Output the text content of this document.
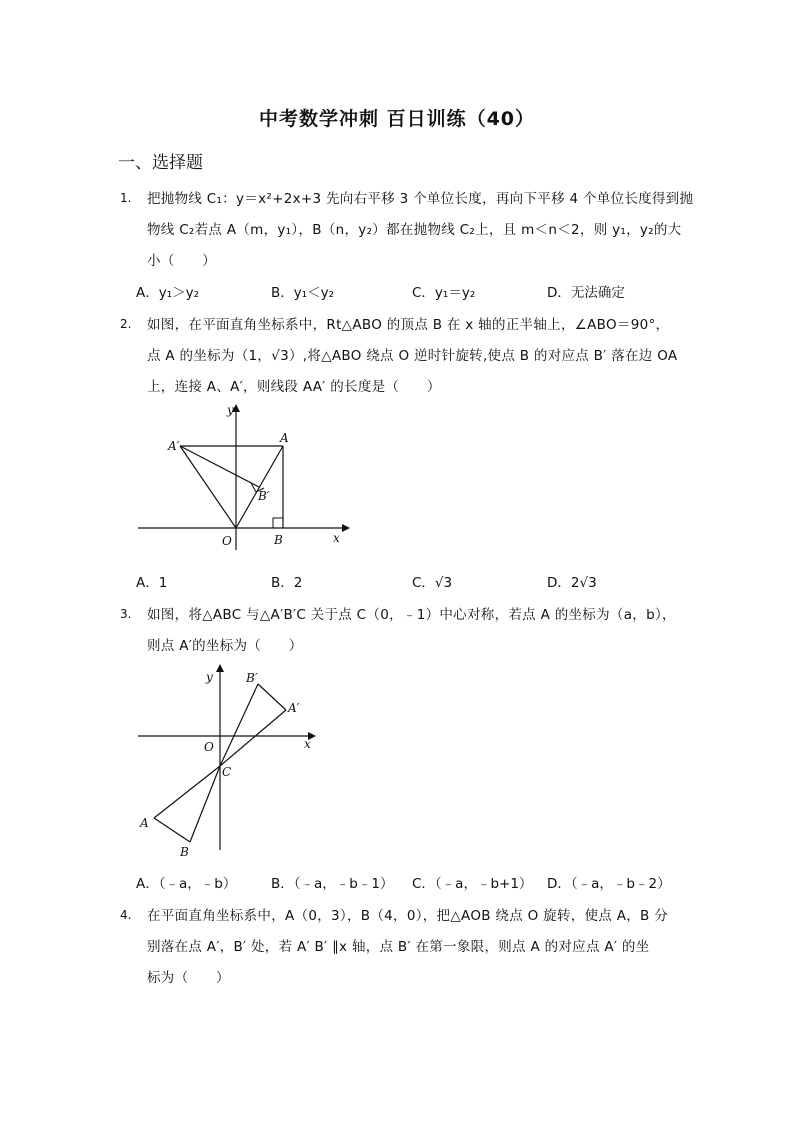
中考数学冲刺 百日训练（40）
一、选择题
1. 把抛物线 C₁：y＝x²+2x+3 先向右平移 3 个单位长度，再向下平移 4 个单位长度得到抛
物线 C₂若点 A（m，y₁），B（n，y₂）都在抛物线 C₂上，且 m＜n＜2，则 y₁，y₂的大
小（　　）
A．y₁＞y₂	B．y₁＜y₂	C．y₁＝y₂	D．无法确定
2. 如图，在平面直角坐标系中，Rt△ABO 的顶点 B 在 x 轴的正半轴上，∠ABO＝90°，
点 A 的坐标为（1，√3）,将△ABO 绕点 O 逆时针旋转,使点 B 的对应点 B′ 落在边 OA
上，连接 A、A′，则线段 AA′ 的长度是（　　）
y
x
O
A
A′
B
B′
A．1	B．2	C．√3	D．2√3
3. 如图，将△ABC 与△A′B′C 关于点 C（0，﹣1）中心对称，若点 A 的坐标为（a，b），
则点 A′的坐标为（　　）
y
x
O
C
A
B
A′
B′
A．（﹣a，﹣b）	B．（﹣a，﹣b﹣1） C．（﹣a，﹣b+1） D．（﹣a，﹣b﹣2）
4. 在平面直角坐标系中，A（0，3），B（4，0），把△AOB 绕点 O 旋转，使点 A，B 分
别落在点 A′，B′ 处，若 A′ B′ ∥x 轴，点 B′ 在第一象限，则点 A 的对应点 A′ 的坐
标为（　　）
